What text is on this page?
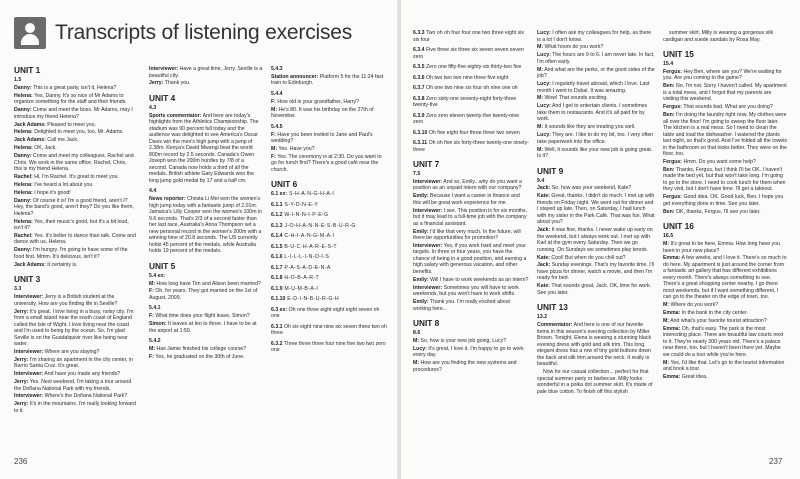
Transcripts of listening exercises
UNIT 1

1.5

Danny: This is a great party, isn't it, Helena?

Helena: Yes, Danny. It's so nice of Mr Adams to organize something for the staff and their friends.

Danny: Come and meet the boss. Mr Adams, may I introduce my friend Helena?

Jack Adams: Pleased to meet you.

Helena: Delighted to meet you, too, Mr. Adams.

Jack Adams: Call me Jack.

Helena: OK, Jack.

Danny: Come and meet my colleagues, Rachel and Chris. We work in the same office. Rachel, Chris, this is my friend Helena.

Rachel: Hi, I'm Rachel. It's great to meet you.

Helena: I've heard a lot about you.

Helena: I hope it's good!

Danny: Of course it is! I'm a good friend, aren't I? Hey, the band's good, aren't they? Do you like them, Helena?

Helena: Yes, their music's good, but it's a bit loud, isn't it?

Rachel: Yes. It's better to dance than talk. Come and dance with us, Helena.

Danny: I'm hungry. I'm going to have some of the food first. Mmm. It's delicious, isn't it?

Jack Adams: It certainly is.

UNIT 3

3.3

Interviewer: Jerry is a British student at the university. How are you finding life in Seville?

Jerry: It's great. I love living in a busy, noisy city. I'm from a small island near the south coast of England called the Isle of Wight. I love living near the coast and I'm used to being by the ocean. So, I'm glad Seville is on the Guadalquivir river like being near water.

Interviewer: Where are you staying?

Jerry: I'm sharing an apartment in the city center, in Barrio Santa Cruz. It's great.

Interviewer: And have you made any friends?

Jerry: Yes. Next weekend, I'm taking a tour around the Doñana National Park with my friends.

Interviewer: Where's the Doñana National Park?

Jerry: It's in the mountains. I'm really looking forward to it.

Interviewer: Have a great time, Jerry. Seville is a beautiful city.

Jerry: Thank you.

UNIT 4

4.3

Sports commentator: And here are today's highlights from the Athletics Championship. The stadium was 90 percent full today and the audience was delighted to see America's Oscar Davis win the men's high jump with a jump of 2.38m. Kenya's David Mwangi beat the world 800m record by 2.5 seconds. Canada's Owen Joseph won the 200m hurdles by 7/8 of a second. Canada now holds a third of all the medals. British athlete Gary Edwards won the long jump gold medal by 17 and a half cm.

4.4

News reporter: Christa Li Mei won the women's high jump today with a fantastic jump of 2.01m. Jamaica's Lilly Cooper won the women's 100m in 9.6 seconds. That's 2/3 of a second faster than her last race. Australia's Anna Thompson set a new personal record in the women's 200m with a winning time of 20.8 seconds. The US currently holds 45 percent of the medals, while Australia holds 19 percent of the medals.

UNIT 5

5.4 ex:

M: How long have Tim and Alison been married?

F: Oh, for years. They got married on the 1st of August, 2009.

5.4.1

F: What time does your flight leave, Simon?

Simon: It leaves at ten to three. I have to be at the airport at 1:50.

5.4.2

M: Has Jamie finished his college course?

F: Yes, he graduated on the 30th of June.

5.4.3

Station announcer: Platform 5 for the 11:24 fast train to Edinburgh.

5.4.4

F: How old is your grandfather, Harry?

M: He's 80. It was his birthday on the 27th of November.

5.4.5

F: Have you been invited to Jane and Paul's wedding?

M: Yes. Have you?

F: Yes. The ceremony is at 2:30. Do you want to go for lunch first? There's a good café near the church.

UNIT 6

6.1 ex: S-H-A-N-G-H-A-I

6.1.1 S-Y-D-N-E-Y

6.1.2 W-I-N-N-I-P-E-G

6.1.3 J-O-H-A-N-N-E-S-B-U-R-G

6.1.4 C-H-I-A-N-G-M-A-I

6.1.5 B-U-C-H-A-R-E-S-T

6.1.6 L-I-L-L-I-N-O-I-S

6.1.7 P-A-S-A-D-E-N-A

6.1.8 H-O-B-A-R-T

6.1.9 M-U-M-B-A-I

6.1.10 E-D-I-N-B-U-R-G-H

6.3 ex: Oh one three eight eight eight seven oh one

6.3.1 Oh six eight nine nine six seven three two oh three

6.3.2 Three three three four nine five two two zero one

236

6.3.3 Two oh oh four four one two three eight six six four

6.3.4 Five three six three six seven seven seven zero

6.3.5 Zero one fifty-five eighty-six thirty-two five

6.3.6 Oh two two two nine three five eight

6.3.7 Oh one two nine six four oh nine one oh

6.3.8 Zero sixty-one seventy-eight forty-three twenty-five

6.3.9 Zero zero eleven twenty-five twenty-nine zero

6.3.10 Oh five eight four three three two seven

6.3.11 Oh oh five six forty-three twenty-one ninety-three

UNIT 7

7.5

Interviewer: And so, Emily...why do you want a position as an unpaid intern with our company?

Emily: Because I want a career in finance and this will be great work experience for me.

Interviewer: I see. This position is for six months, but it may lead to a full-time job with the company as a financial assistant.

Emily: I'd like that very much. In the future, will there be opportunities for promotion?

Interviewer: Yes, if you work hard and meet your targets. In three or four years, you have the chance of being in a good position, and earning a high salary with generous vacation, and other benefits.

Emily: Will I have to work weekends as an intern?

Interviewer: Sometimes you will have to work weekends, but you won't have to work shifts.

Emily: Thank you. I'm really excited about working here...

UNIT 8

8.6

M: So, how is your new job going, Lucy?

Lucy: It's great, I love it. I'm happy to go to work every day.

M: How are you finding the new systems and procedures?

Lucy: I often ask my colleagues for help, as there is a lot I don't know.

M: What hours do you work?

Lucy: The hours are 9 to 6. I am never late. In fact, I'm often early.

M: And what are the perks, or the good sides of the job?

Lucy: I regularly travel abroad, which I love. Last month I went to Dubai. It was amazing.

M: Wow! That sounds exciting.

Lucy: And I get to entertain clients. I sometimes take them to restaurants. And it's all paid for by work.

M: It sounds like they are treating you well.

Lucy: They are. I like to do my bit, too. I very often take paperwork into the office.

M: Well, it sounds like your new job is going great. Is it?

UNIT 9

9.4

Jack: So, how was your weekend, Kate?

Kate: Great, thanks. I didn't do much. I met up with friends on Friday night. We went out for dinner and I stayed up late. Then, on Saturday, I had lunch with my sister in the Park Café. That was fun. What about you?

Jack: It was fine, thanks. I never wake up early on the weekend, but I always work out. I met up with Karl at the gym every Saturday. Then we go running. On Sundays we sometimes play tennis.

Kate: Cool! But when do you chill out?

Jack: Sunday evenings. That's my favorite time. I'll have pizza for dinner, watch a movie, and then I'm ready for bed.

Kate: That sounds great, Jack. OK, time for work. See you later.

UNIT 13

13.2

Commentator: And here is one of our favorite items in this season's evening collection by Miller Brown. Tonight, Elena is wearing a stunning black evening dress with gold and silk trim. This long, elegant dress has a row of tiny gold buttons down the back and silk trim around the neck. It really is beautiful.

Now for our casual collection... perfect for that special summer party or barbecue. Milly looks wonderful in a polka dot summer skirt. It's made of pale blue cotton. To finish off this stylish

summer skirt, Milly is wearing a gorgeous silk cardigan and suede sandals by Rosa May.

UNIT 15

15.4

Fergus: Hey Ben, where are you? We're waiting for you. Are you coming to the game?

Ben: No. I'm not. Sorry I haven't called. My apartment is a total mess, and I forgot that my parents are visiting this weekend.

Fergus: That sounds bad. What are you doing?

Ben: I'm doing the laundry right now. My clothes were all over the floor! I'm going to sweep the floor later. The kitchen is a real mess. So I need to clean the table and load the dishwasher. I watered the plants last night, so that's good. And I've folded all the towels in the bathroom so that looks better. They were on the floor, too.

Fergus: Hmm. Do you want some help?

Ben: Thanks, Fergus, but I think I'll be OK. I haven't made the bed yet, but that won't take long. I'm going to go to the store. I need to cook lunch for them when they visit, but I don't have time. I'll get a takeout.

Fergus: Good idea. OK. Good luck, Ben. I hope you get everything done in time. See you later.

Ben: OK, thanks, Fergus. I'll see you later.

UNIT 16

16.5

M: It's great to be here, Emma. How long have you been in your new place?

Emma: A few weeks, and I love it. There's so much to do here. My apartment is just around the corner from a fantastic art gallery that has different exhibitions every month. There's always something to see. There's a great shopping center nearby. I go there most weekends, but if I want something different, I can go to the theater on the edge of town, too.

M: Where do you work?

Emma: In the bank in the city center.

M: And what's your favorite tourist attraction?

Emma: Oh, that's easy. The park is the most interesting place. There are beautiful law courts next to it. They're nearly 300 years old. There's a palace near there, too, but I haven't been there yet. Maybe we could do a tour while you're here.

M: Yes, I'd like that. Let's go to the tourist information and book a tour.

Emma: Great idea.

237
